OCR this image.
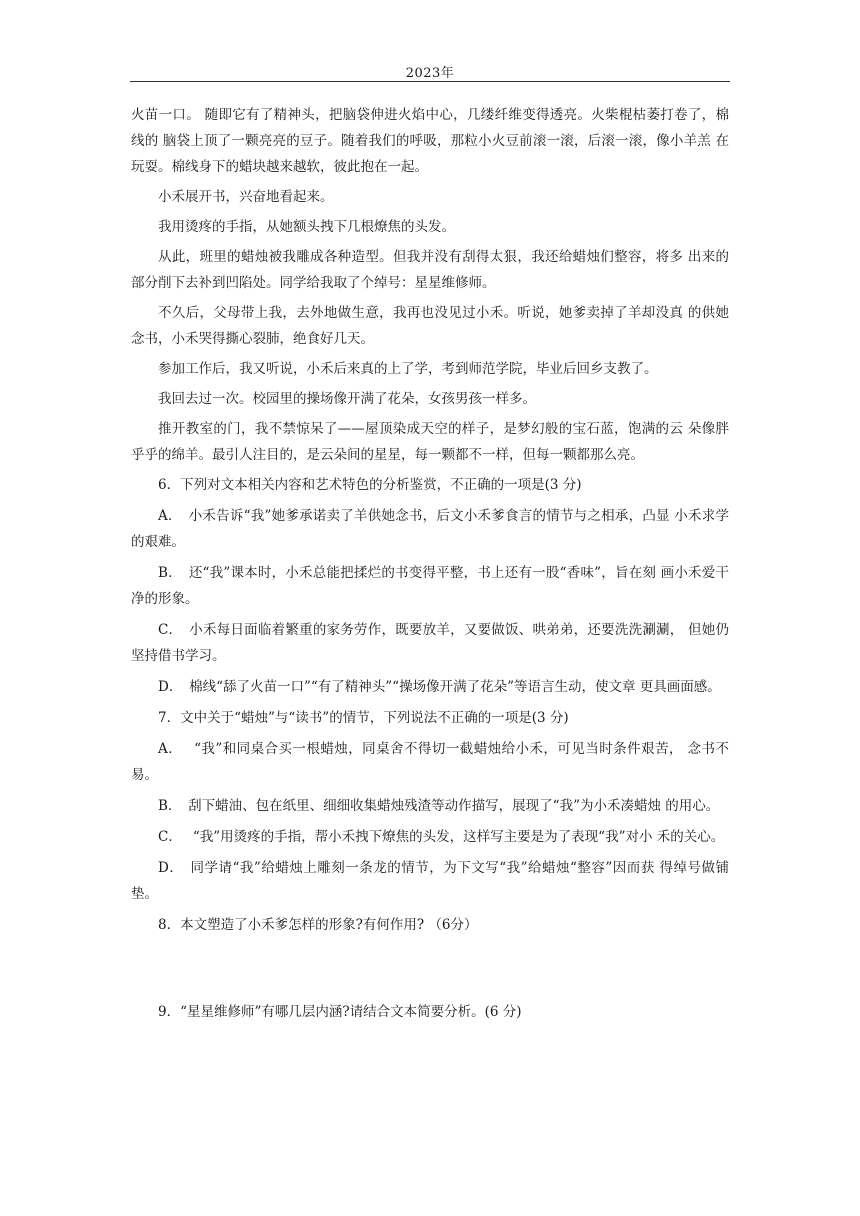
2023年

火苗一口。 随即它有了精神头，把脑袋伸进火焰中心，几缕纤维变得透亮。火柴棍枯萎打卷了，棉线的 脑袋上顶了一颗亮亮的豆子。随着我们的呼吸，那粒小火豆前滚一滚，后滚一滚，像小羊羔 在玩耍。棉线身下的蜡块越来越软，彼此抱在一起。

小禾展开书，兴奋地看起来。

我用烫疼的手指，从她额头拽下几根燎焦的头发。

从此，班里的蜡烛被我雕成各种造型。但我并没有刮得太狠，我还给蜡烛们整容，将多 出来的部分削下去补到凹陷处。同学给我取了个绰号：星星维修师。

不久后，父母带上我，去外地做生意，我再也没见过小禾。听说，她爹卖掉了羊却没真 的供她念书，小禾哭得撕心裂肺，绝食好几天。

参加工作后，我又听说，小禾后来真的上了学，考到师范学院，毕业后回乡支教了。

我回去过一次。校园里的操场像开满了花朵，女孩男孩一样多。

推开教室的门，我不禁惊呆了——屋顶染成天空的样子，是梦幻般的宝石蓝，饱满的云 朵像胖乎乎的绵羊。最引人注目的，是云朵间的星星，每一颗都不一样，但每一颗都那么亮。

6．下列对文本相关内容和艺术特色的分析鉴赏，不正确的一项是(3 分)

A．　小禾告诉“我”她爹承诺卖了羊供她念书，后文小禾爹食言的情节与之相承，凸显 小禾求学的艰难。

B．　还“我”课本时，小禾总能把揉烂的书变得平整，书上还有一股“香味”，旨在刻 画小禾爱干净的形象。

C．　小禾每日面临着繁重的家务劳作，既要放羊，又要做饭、哄弟弟，还要洗洗涮涮， 但她仍坚持借书学习。

D．　棉线“舔了火苗一口”“有了精神头”“操场像开满了花朵”等语言生动，使文章 更具画面感。

7．文中关于“蜡烛”与“读书”的情节，下列说法不正确的一项是(3 分)

A．　 “我”和同桌合买一根蜡烛，同桌舍不得切一截蜡烛给小禾，可见当时条件艰苦， 念书不易。

B．　刮下蜡油、包在纸里、细细收集蜡烛残渣等动作描写，展现了“我”为小禾凑蜡烛 的用心。

C．　 “我”用烫疼的手指，帮小禾拽下燎焦的头发，这样写主要是为了表现“我”对小 禾的关心。

D．　同学请“我”给蜡烛上雕刻一条龙的情节，为下文写“我”给蜡烛“整容”因而获 得绰号做铺垫。

8．本文塑造了小禾爹怎样的形象?有何作用? （6分）

9．“星星维修师”有哪几层内涵?请结合文本简要分析。(6 分)
